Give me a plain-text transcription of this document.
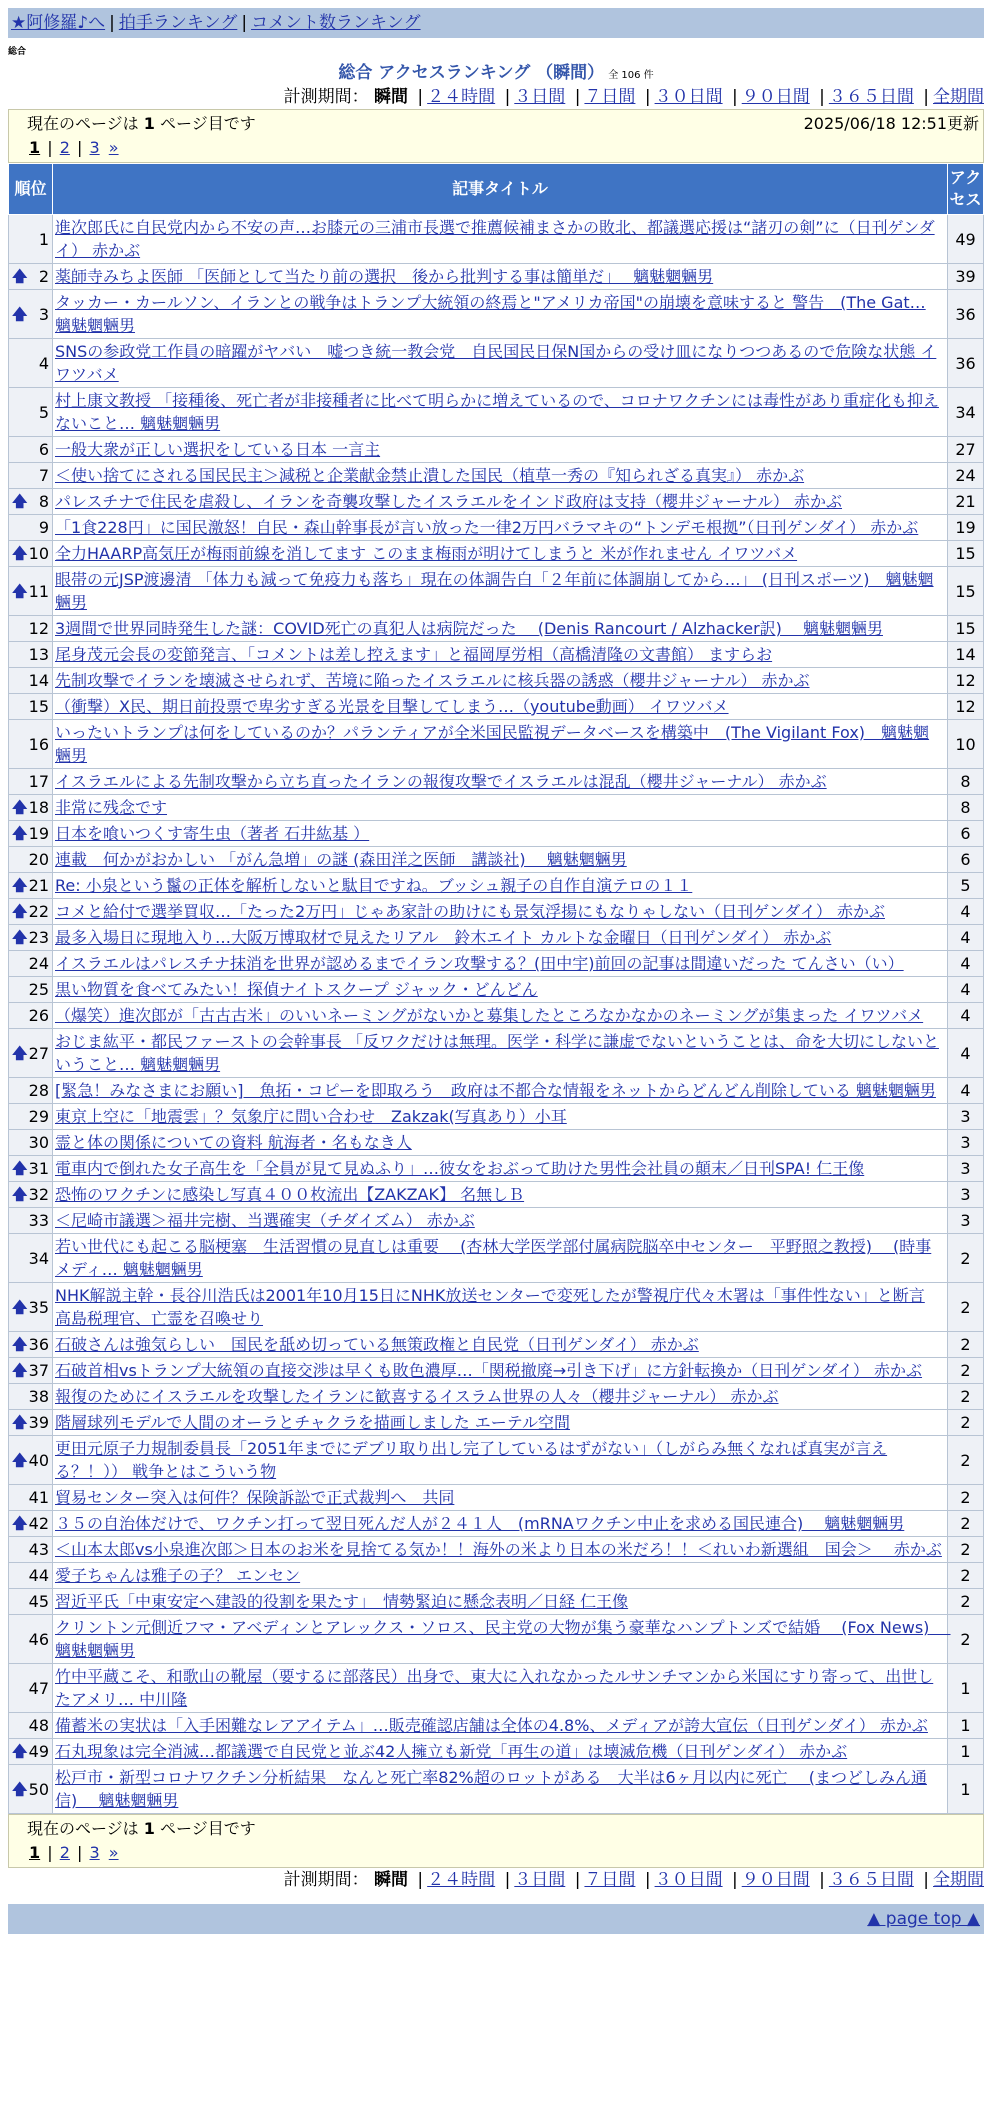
★阿修羅♪へ | 拍手ランキング | コメント数ランキング
総合
総合 アクセスランキング （瞬間） 全 106 件
計測期間： 瞬間 | ２４時間 | ３日間 | ７日間 | ３０日間 | ９０日間 | ３６５日間 | 全期間
現在のページは 1 ページ目です	2025/06/18 12:51更新
1 | 2 | 3 »
順位	記事タイトル	アクセス
1	進次郎氏に自民党内から不安の声…お膝元の三浦市長選で推薦候補まさかの敗北、都議選応援は“諸刃の剣”に（日刊ゲンダイ） 赤かぶ	49

🡅 2	薬師寺みちよ医師 「医師として当たり前の選択　後から批判する事は簡単だ」　 魑魅魍魎男	39

🡅 3	タッカー・カールソン、イランとの戦争はトランプ大統領の終焉と"アメリカ帝国"の崩壊を意味すると 警告　(The Gat… 魑魅魍魎男	36
4	SNSの参政党工作員の暗躍がヤバい　嘘つき統一教会党　自民国民日保N国からの受け皿になりつつあるので危険な状態 イワツバメ	36
5	村上康文教授 「接種後、死亡者が非接種者に比べて明らかに増えているので、コロナワクチンには毒性があり重症化も抑えないこと… 魑魅魍魎男	34
6	一般大衆が正しい選択をしている日本 一言主	27
7	＜使い捨てにされる国民民主＞減税と企業献金禁止潰した国民（植草一秀の『知られざる真実』） 赤かぶ	24

🡅 8	パレスチナで住民を虐殺し、イランを奇襲攻撃したイスラエルをインド政府は支持（櫻井ジャーナル） 赤かぶ	21
9	「1食228円」に国民激怒！自民・森山幹事長が言い放った一律2万円バラマキの“トンデモ根拠”（日刊ゲンダイ） 赤かぶ	19

🡅 10	全力HAARP高気圧が梅雨前線を消してます このまま梅雨が明けてしまうと 米が作れません イワツバメ	15

🡅 11	眼帯の元JSP渡邊清 「体力も減って免疫力も落ち」現在の体調告白「２年前に体調崩してから…」 (日刊スポーツ)　魑魅魍魎男	15
12	3週間で世界同時発生した謎：COVID死亡の真犯人は病院だった　 (Denis Rancourt / Alzhacker訳)　 魑魅魍魎男	15
13	尾身茂元会長の変節発言、「コメントは差し控えます」と福岡厚労相（高橋清隆の文書館） ますらお	14
14	先制攻撃でイランを壊滅させられず、苦境に陥ったイスラエルに核兵器の誘惑（櫻井ジャーナル） 赤かぶ	12
15	（衝撃）X民、期日前投票で卑劣すぎる光景を目撃してしまう…（youtube動画） イワツバメ	12
16	いったいトランプは何をしているのか？パランティアが全米国民監視データベースを構築中　(The Vigilant Fox)　魑魅魍魎男	10
17	イスラエルによる先制攻撃から立ち直ったイランの報復攻撃でイスラエルは混乱（櫻井ジャーナル） 赤かぶ	8

🡅 18	非常に残念です	8

🡅 19	日本を喰いつくす寄生虫（著者 石井紘基 ）	6
20	連載　何かがおかしい 「がん急増」の謎 (森田洋之医師　講談社)　 魑魅魍魎男	6

🡅 21	Re: 小泉という鬣の正体を解析しないと駄目ですね。ブッシュ親子の自作自演テロの１１	5

🡅 22	コメと給付で選挙買収…「たった2万円」じゃあ家計の助けにも景気浮揚にもなりゃしない（日刊ゲンダイ） 赤かぶ	4

🡅 23	最多入場日に現地入り…大阪万博取材で見えたリアル　鈴木エイト カルトな金曜日（日刊ゲンダイ） 赤かぶ	4
24	イスラエルはパレスチナ抹消を世界が認めるまでイラン攻撃する？(田中宇)前回の記事は間違いだった てんさい（い）	4
25	黒い物質を食べてみたい！探偵ナイトスクープ ジャック・どんどん	4
26	（爆笑）進次郎が「古古古米」のいいネーミングがないかと募集したところなかなかのネーミングが集まった イワツバメ	4

🡅 27	おじま紘平・都民ファーストの会幹事長 「反ワクだけは無理。医学・科学に謙虚でないということは、命を大切にしないということ… 魑魅魍魎男	4
28	[緊急！みなさまにお願い]　魚拓・コピーを即取ろう　政府は不都合な情報をネットからどんどん削除している 魑魅魍魎男	4
29	東京上空に「地震雲」？気象庁に問い合わせ　Zakzak(写真あり）小耳	3
30	霊と体の関係についての資料 航海者・名もなき人	3

🡅 31	電車内で倒れた女子高生を「全員が見て見ぬふり」…彼女をおぶって助けた男性会社員の顛末／日刊SPA! 仁王像	3

🡅 32	恐怖のワクチンに感染し写真４００枚流出【ZAKZAK】 名無しＢ	3
33	＜尼崎市議選＞福井完樹、当選確実（チダイズム） 赤かぶ	3
34	若い世代にも起こる脳梗塞　生活習慣の見直しは重要　 (杏林大学医学部付属病院脳卒中センター　平野照之教授)　 (時事メディ… 魑魅魍魎男	2

🡅 35	NHK解説主幹・長谷川浩氏は2001年10月15日にNHK放送センターで変死したが警視庁代々木署は「事件性ない」と断言 高島税理官、亡霊を召喚せり	2

🡅 36	石破さんは強気らしい　国民を舐め切っている無策政権と自民党（日刊ゲンダイ） 赤かぶ	2

🡅 37	石破首相vsトランプ大統領の直接交渉は早くも敗色濃厚…「関税撤廃→引き下げ」に方針転換か（日刊ゲンダイ） 赤かぶ	2
38	報復のためにイスラエルを攻撃したイランに歓喜するイスラム世界の人々（櫻井ジャーナル） 赤かぶ	2

🡅 39	階層球列モデルで人間のオーラとチャクラを描画しました エーテル空間	2

🡅 40	更田元原子力規制委員長「2051年までにデブリ取り出し完了しているはずがない」（しがらみ無くなれば真実が言える？！）） 戦争とはこういう物	2
41	貿易センター突入は何件？保険訴訟で正式裁判へ　共同	2

🡅 42	３５の自治体だけで、ワクチン打って翌日死んだ人が２４１人　(mRNAワクチン中止を求める国民連合)　 魑魅魍魎男	2
43	＜山本太郎vs小泉進次郎＞日本のお米を見捨てる気か！！海外の米より日本の米だろ！！＜れいわ新選組　国会＞　 赤かぶ	2
44	愛子ちゃんは雅子の子？ エンセン	2
45	習近平氏「中東安定へ建設的役割を果たす」　情勢緊迫に懸念表明／日経 仁王像	2
46	クリントン元側近フマ・アベディンとアレックス・ソロス、民主党の大物が集う豪華なハンプトンズで結婚　 (Fox News)　 魑魅魍魎男	2
47	竹中平蔵こそ、和歌山の靴屋（要するに部落民）出身で、東大に入れなかったルサンチマンから米国にすり寄って、出世したアメリ… 中川隆	1
48	備蓄米の実状は「入手困難なレアアイテム」…販売確認店舗は全体の4.8%、メディアが誇大宣伝（日刊ゲンダイ） 赤かぶ	1

🡅 49	石丸現象は完全消滅…都議選で自民党と並ぶ42人擁立も新党「再生の道」は壊滅危機（日刊ゲンダイ） 赤かぶ	1

🡅 50	松戸市・新型コロナワクチン分析結果　なんと死亡率82%超のロットがある　大半は6ヶ月以内に死亡　 (まつどしみん通信)　 魑魅魍魎男	1
現在のページは 1 ページ目です
1 | 2 | 3 »
計測期間： 瞬間 | ２４時間 | ３日間 | ７日間 | ３０日間 | ９０日間 | ３６５日間 | 全期間
▲ page top ▲
